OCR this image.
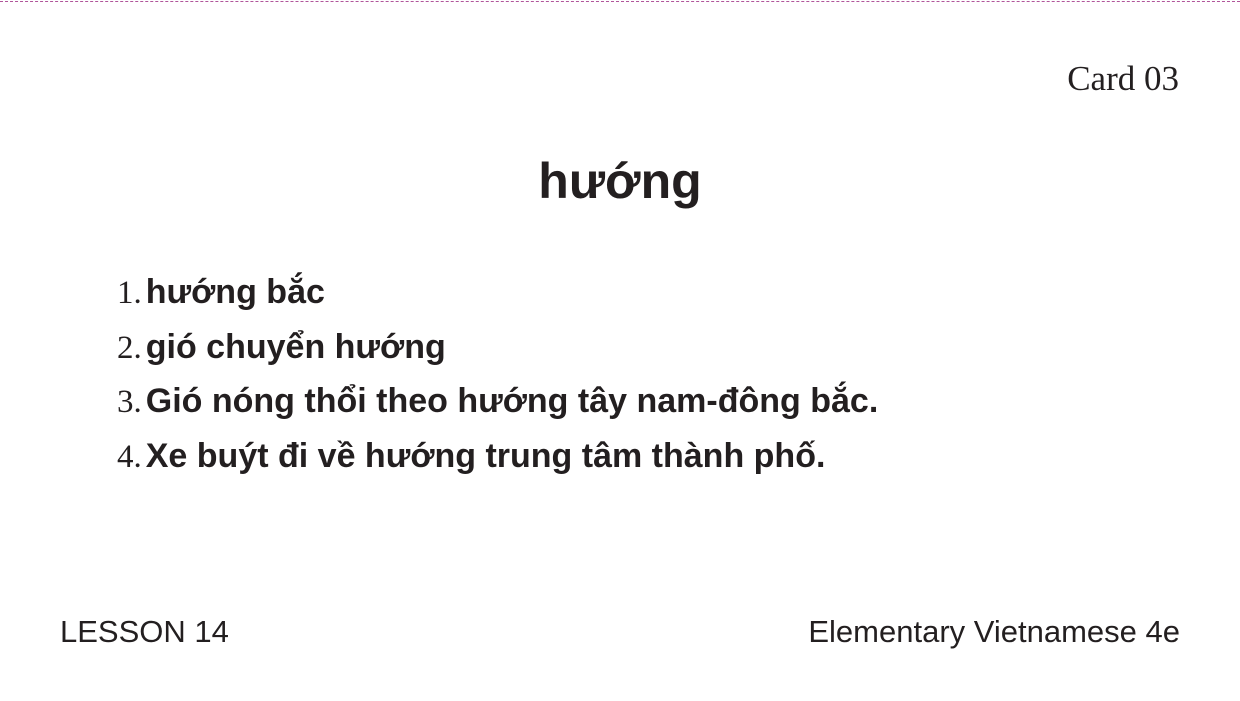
Card 03
hướng
1. hướng bắc
2. gió chuyển hướng
3. Gió nóng thổi theo hướng tây nam-đông bắc.
4. Xe buýt đi về hướng trung tâm thành phố.
LESSON 14	Elementary Vietnamese 4e
